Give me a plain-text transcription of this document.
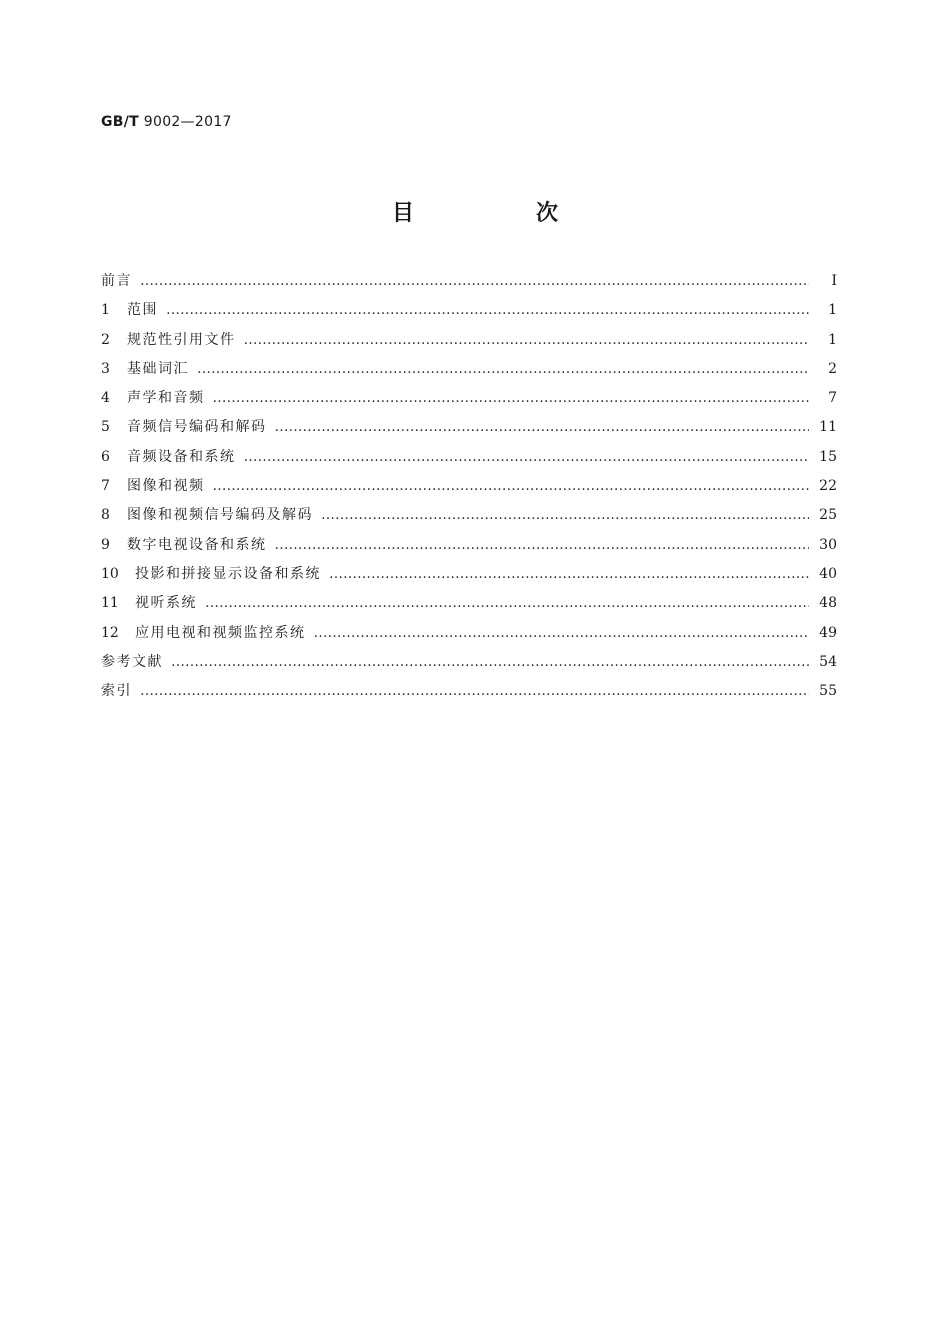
GB/T 9002—2017
目　次
前言 …………………………………………………………………………………………………………………………………………………………………………………………………………………………………………	Ⅰ
1	范围 …………………………………………………………………………………………………………………………………………………………………………………………………………………………………………	1
2	规范性引用文件 …………………………………………………………………………………………………………………………………………………………………………………………………………………………………………	1
3	基础词汇 …………………………………………………………………………………………………………………………………………………………………………………………………………………………………………	2
4	声学和音频 …………………………………………………………………………………………………………………………………………………………………………………………………………………………………………	7
5	音频信号编码和解码 …………………………………………………………………………………………………………………………………………………………………………………………………………………………………………	11
6	音频设备和系统 …………………………………………………………………………………………………………………………………………………………………………………………………………………………………………	15
7	图像和视频 …………………………………………………………………………………………………………………………………………………………………………………………………………………………………………	22
8	图像和视频信号编码及解码 …………………………………………………………………………………………………………………………………………………………………………………………………………………………………………	25
9	数字电视设备和系统 …………………………………………………………………………………………………………………………………………………………………………………………………………………………………………	30
10	投影和拼接显示设备和系统 …………………………………………………………………………………………………………………………………………………………………………………………………………………………………………	40
11	视听系统 …………………………………………………………………………………………………………………………………………………………………………………………………………………………………………	48
12	应用电视和视频监控系统 …………………………………………………………………………………………………………………………………………………………………………………………………………………………………………	49
参考文献 …………………………………………………………………………………………………………………………………………………………………………………………………………………………………………	54
索引 …………………………………………………………………………………………………………………………………………………………………………………………………………………………………………	55
